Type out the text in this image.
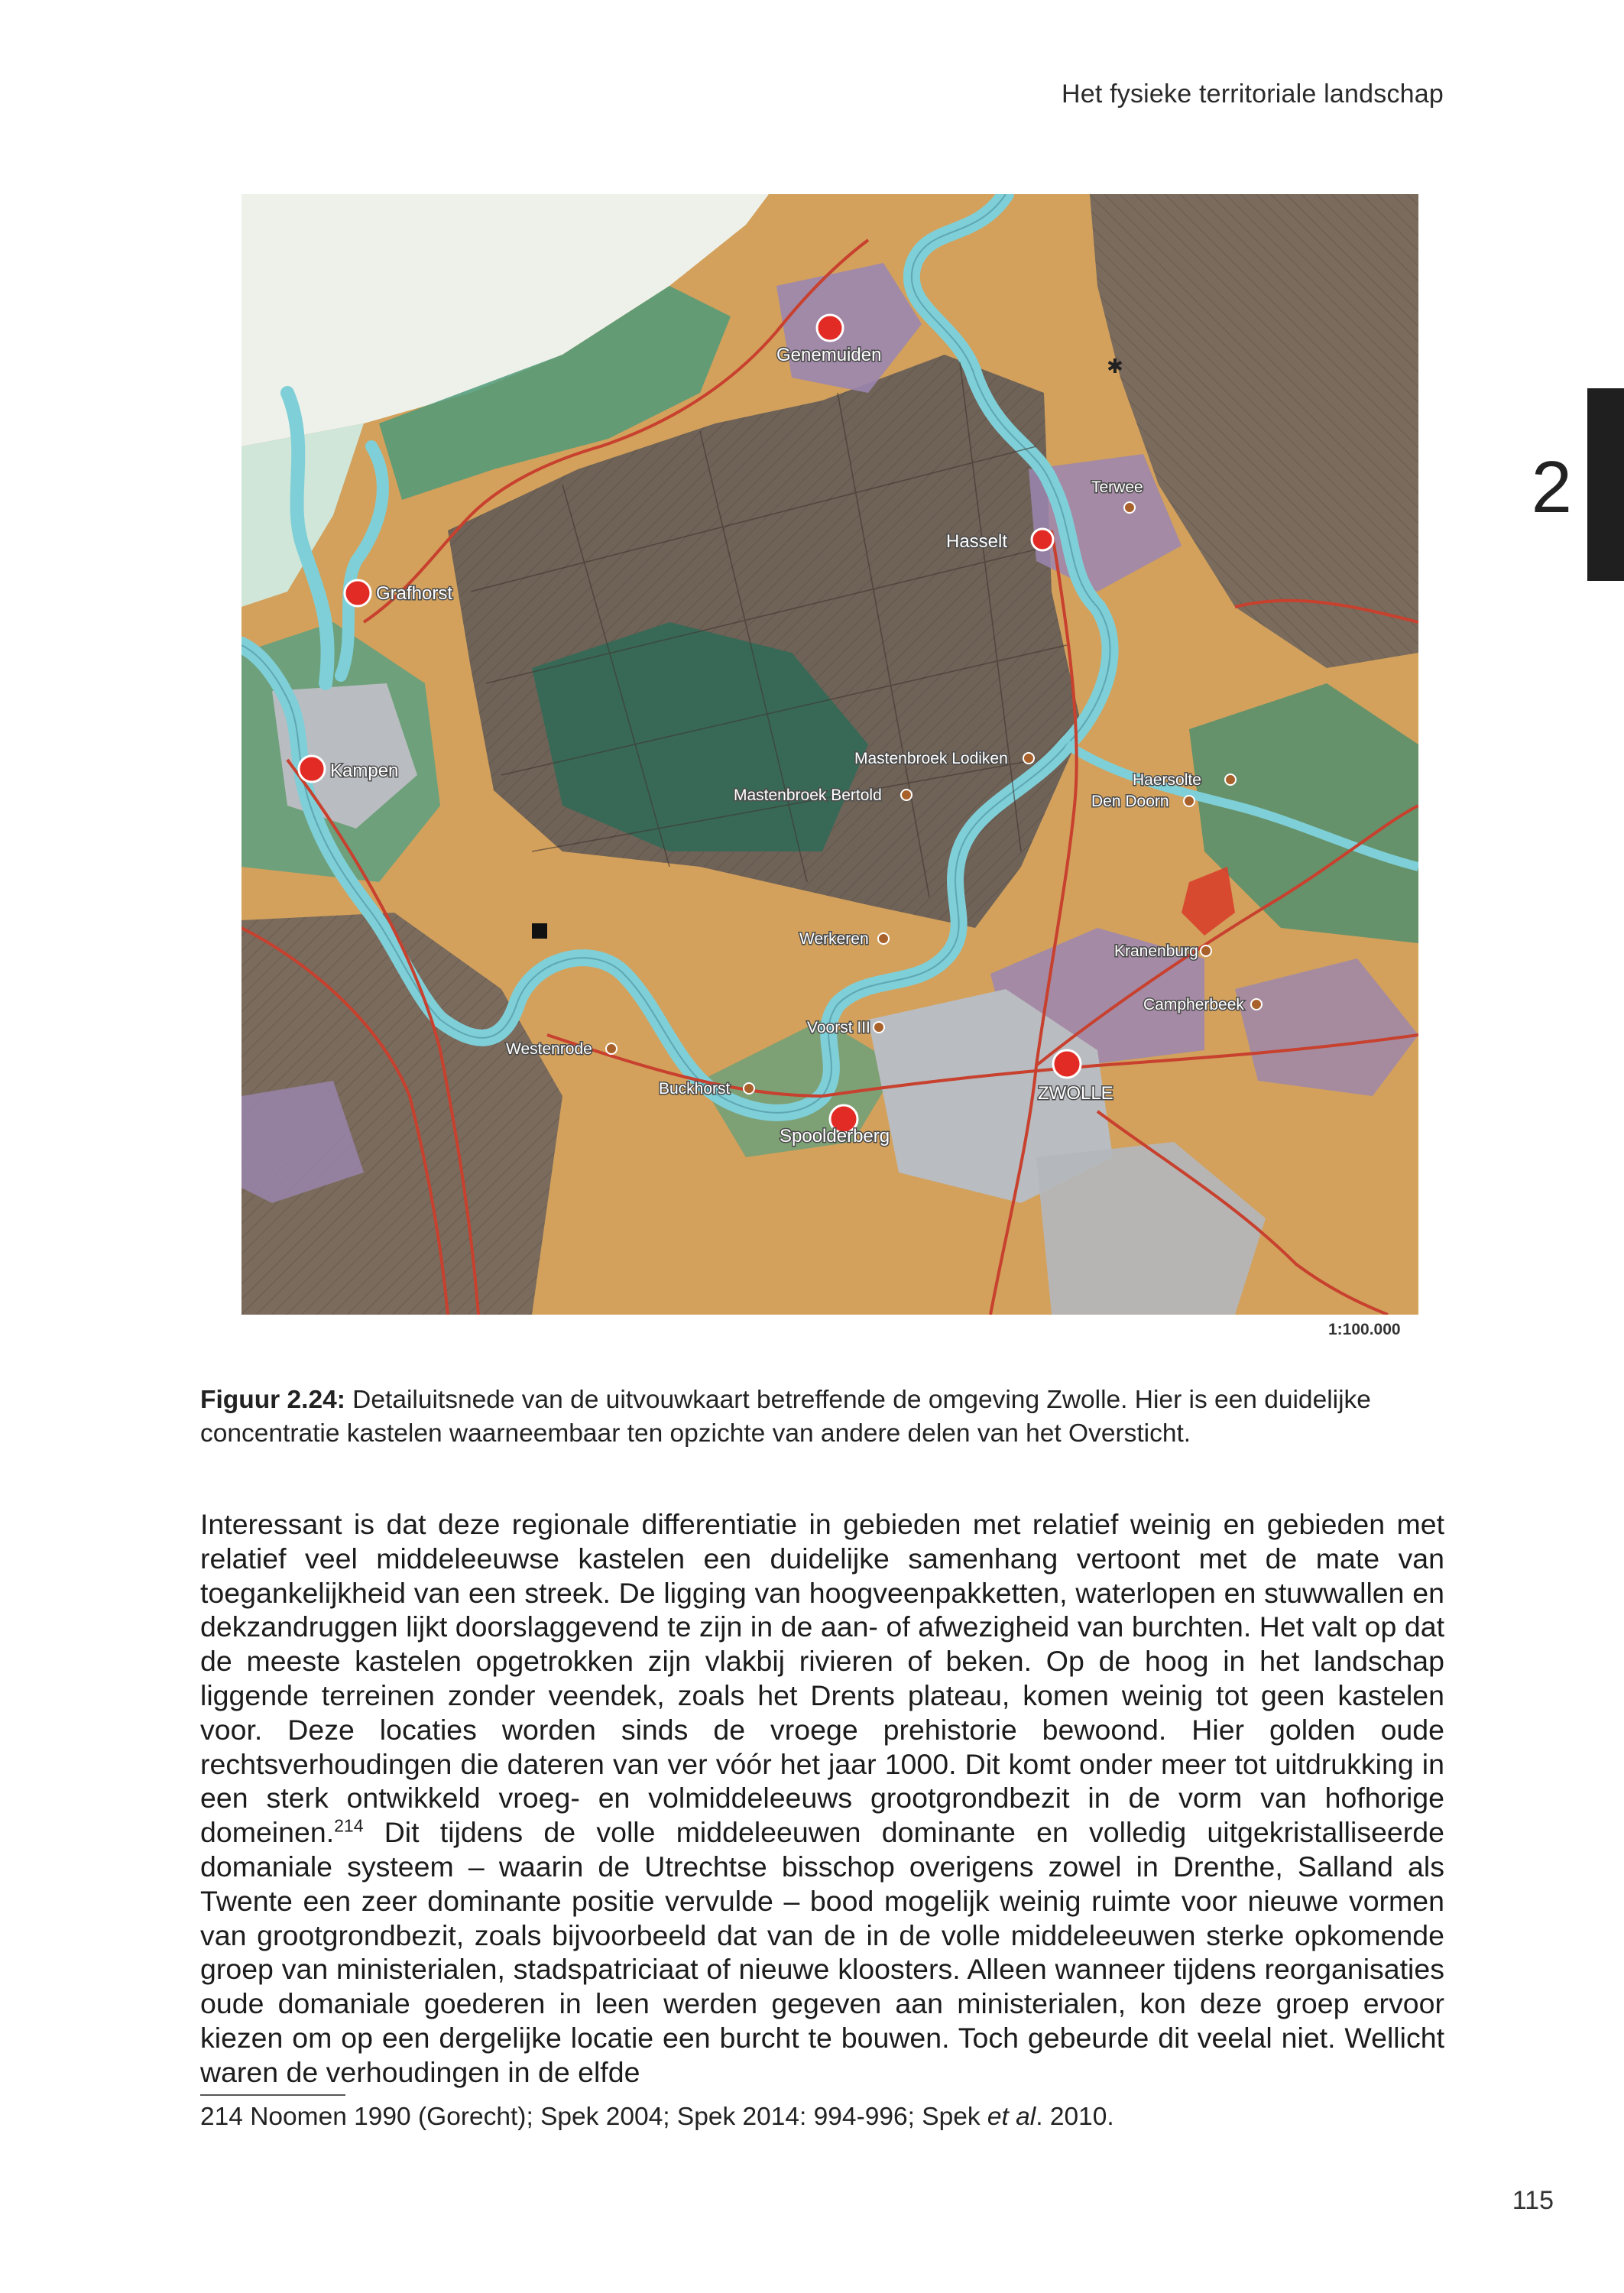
Het fysieke territoriale landschap
2
✱
Genemuiden
Hasselt
Grafhorst
Kampen
ZWOLLE
Spoolderberg
Terwee
Mastenbroek Lodiken
Mastenbroek Bertold
Haersolte
Den Doorn
Werkeren
Kranenburg
Campherbeek
Voorst III
Westenrode
Buckhorst
1:100.000
Figuur 2.24: Detailuitsnede van de uitvouwkaart betreffende de omgeving Zwolle. Hier is een duidelijke concentratie kastelen waarneembaar ten opzichte van andere delen van het Oversticht.
Interessant is dat deze regionale differentiatie in gebieden met relatief weinig en gebieden met relatief veel middeleeuwse kastelen een duidelijke samenhang vertoont met de mate van toegankelijkheid van een streek. De ligging van hoogveenpakketten, waterlopen en stuwwallen en dekzandruggen lijkt doorslaggevend te zijn in de aan- of afwezigheid van burchten. Het valt op dat de meeste kastelen opgetrokken zijn vlakbij rivieren of beken. Op de hoog in het landschap liggende terreinen zonder veendek, zoals het Drents plateau, komen weinig tot geen kastelen voor. Deze locaties worden sinds de vroege prehistorie bewoond. Hier golden oude rechtsverhoudingen die dateren van ver vóór het jaar 1000. Dit komt onder meer tot uitdrukking in een sterk ontwikkeld vroeg- en volmiddeleeuws grootgrondbezit in de vorm van hofhorige domeinen.$^{214}$ Dit tijdens de volle middeleeuwen dominante en volledig uitgekristalliseerde domaniale systeem – waarin de Utrechtse bisschop overigens zowel in Drenthe, Salland als Twente een zeer dominante positie vervulde – bood mogelijk weinig ruimte voor nieuwe vormen van grootgrondbezit, zoals bijvoorbeeld dat van de in de volle middeleeuwen sterke opkomende groep van ministerialen, stadspatriciaat of nieuwe kloosters. Alleen wanneer tijdens reorganisaties oude domaniale goederen in leen werden gegeven aan ministerialen, kon deze groep ervoor kiezen om op een dergelijke locatie een burcht te bouwen. Toch gebeurde dit veelal niet. Wellicht waren de verhoudingen in de elfde
214 Noomen 1990 (Gorecht); Spek 2004; Spek 2014: 994-996; Spek et al. 2010.
115
